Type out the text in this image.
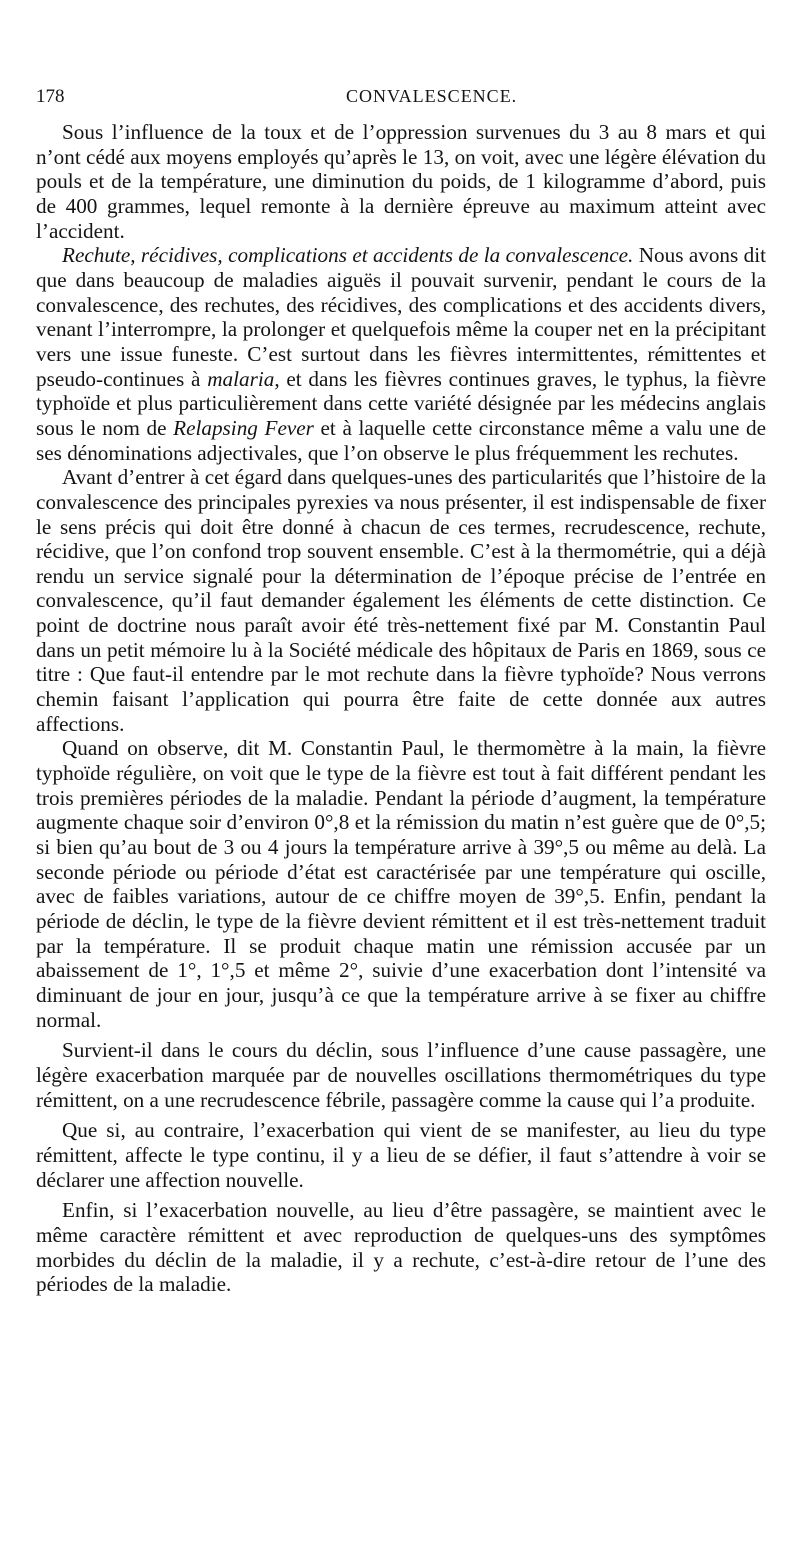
178	CONVALESCENCE.

Sous l’influence de la toux et de l’oppression survenues du 3 au 8 mars et qui n’ont cédé aux moyens employés qu’après le 13, on voit, avec une légère élévation du pouls et de la température, une diminution du poids, de 1 kilogramme d’abord, puis de 400 grammes, lequel remonte à la dernière épreuve au maximum atteint avec l’accident.

Rechute, récidives, complications et accidents de la convalescence. Nous avons dit que dans beaucoup de maladies aiguës il pouvait survenir, pendant le cours de la convalescence, des rechutes, des récidives, des complications et des accidents divers, venant l’interrompre, la prolonger et quelquefois même la couper net en la précipitant vers une issue funeste. C’est surtout dans les fièvres intermittentes, rémittentes et pseudo-continues à malaria, et dans les fièvres continues graves, le typhus, la fièvre typhoïde et plus particulièrement dans cette variété désignée par les médecins anglais sous le nom de Relapsing Fever et à laquelle cette circonstance même a valu une de ses dénominations adjectivales, que l’on observe le plus fréquemment les rechutes.

Avant d’entrer à cet égard dans quelques-unes des particularités que l’histoire de la convalescence des principales pyrexies va nous présenter, il est indispensable de fixer le sens précis qui doit être donné à chacun de ces termes, recrudescence, rechute, récidive, que l’on confond trop souvent ensemble. C’est à la thermométrie, qui a déjà rendu un service signalé pour la détermination de l’époque précise de l’entrée en convalescence, qu’il faut demander également les éléments de cette distinction. Ce point de doctrine nous paraît avoir été très-nettement fixé par M. Constantin Paul dans un petit mémoire lu à la Société médicale des hôpitaux de Paris en 1869, sous ce titre : Que faut-il entendre par le mot rechute dans la fièvre typhoïde? Nous verrons chemin faisant l’application qui pourra être faite de cette donnée aux autres affections.

Quand on observe, dit M. Constantin Paul, le thermomètre à la main, la fièvre typhoïde régulière, on voit que le type de la fièvre est tout à fait différent pendant les trois premières périodes de la maladie. Pendant la période d’augment, la température augmente chaque soir d’environ 0°,8 et la rémission du matin n’est guère que de 0°,5; si bien qu’au bout de 3 ou 4 jours la température arrive à 39°,5 ou même au delà. La seconde période ou période d’état est caractérisée par une température qui oscille, avec de faibles variations, autour de ce chiffre moyen de 39°,5. Enfin, pendant la période de déclin, le type de la fièvre devient rémittent et il est très-nettement traduit par la température. Il se produit chaque matin une rémission accusée par un abaissement de 1°, 1°,5 et même 2°, suivie d’une exacerbation dont l’intensité va diminuant de jour en jour, jusqu’à ce que la température arrive à se fixer au chiffre normal.

Survient-il dans le cours du déclin, sous l’influence d’une cause passagère, une légère exacerbation marquée par de nouvelles oscillations thermométriques du type rémittent, on a une recrudescence fébrile, passagère comme la cause qui l’a produite.

Que si, au contraire, l’exacerbation qui vient de se manifester, au lieu du type rémittent, affecte le type continu, il y a lieu de se défier, il faut s’attendre à voir se déclarer une affection nouvelle.

Enfin, si l’exacerbation nouvelle, au lieu d’être passagère, se maintient avec le même caractère rémittent et avec reproduction de quelques-uns des symptômes morbides du déclin de la maladie, il y a rechute, c’est-à-dire retour de l’une des périodes de la maladie.
